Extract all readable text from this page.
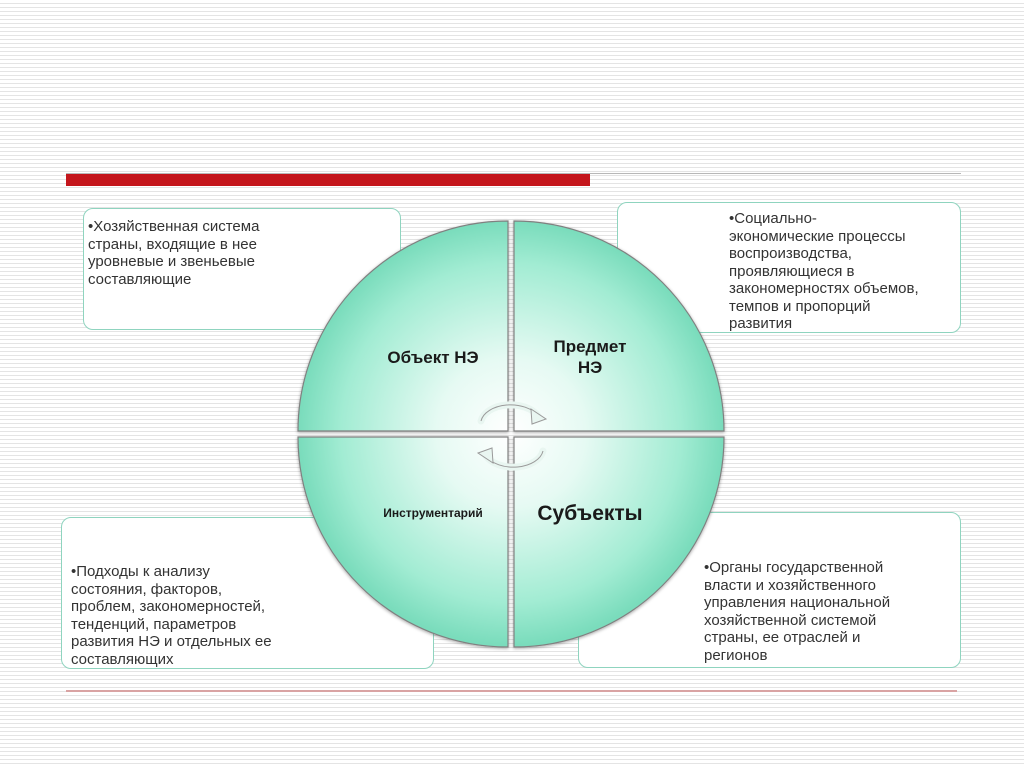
•Хозяйственная система
страны, входящие в нее
уровневые и звеньевые
составляющие
•Социально-
экономические процессы
воспроизводства,
проявляющиеся в
закономерностях объемов,
темпов и пропорций
развития
•Подходы к анализу
состояния, факторов,
проблем, закономерностей,
тенденций, параметров
развития НЭ и отдельных ее
составляющих
•Органы государственной
власти и хозяйственного
управления национальной
хозяйственной системой
страны, ее отраслей и
регионов
Объект НЭ
Предмет
НЭ
Инструментарий	Субъекты
